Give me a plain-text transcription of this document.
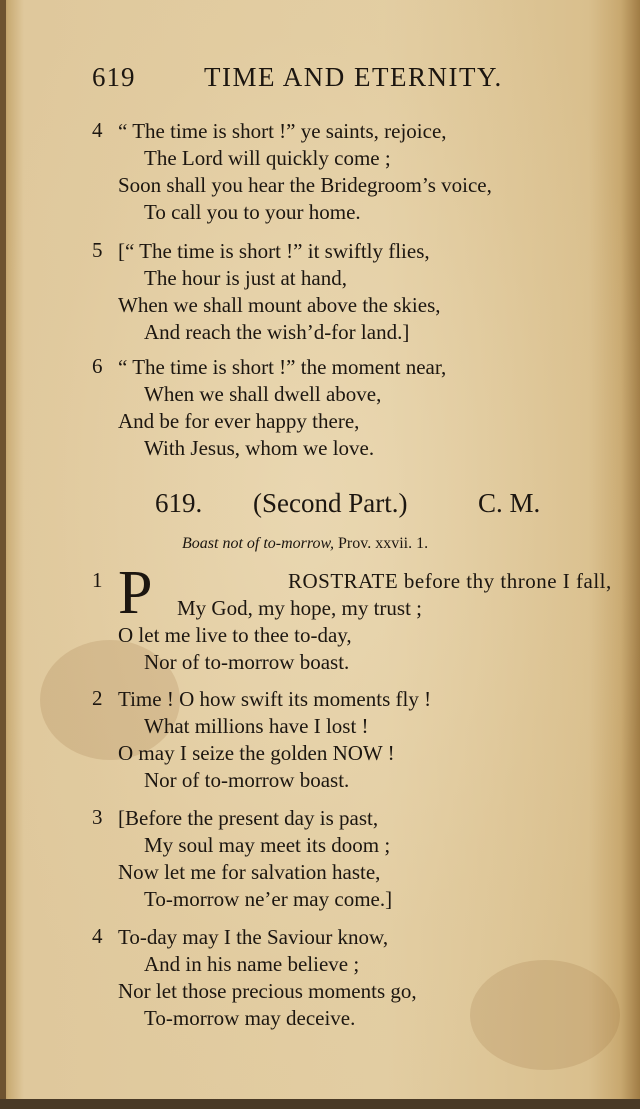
619	TIME AND ETERNITY.
4 “ The time is short !” ye saints, rejoice,
The Lord will quickly come ;
Soon shall you hear the Bridegroom’s voice,
To call you to your home.
5 [“ The time is short !” it swiftly flies,
The hour is just at hand,
When we shall mount above the skies,
And reach the wish’d-for land.]
6 “ The time is short !” the moment near,
When we shall dwell above,
And be for ever happy there,
With Jesus, whom we love.
619. (Second Part.)	C. M.
Boast not of to-morrow, Prov. xxvii. 1.
1	ROSTRATE before thy throne I fall,
My God, my hope, my trust ;
O let me live to thee to-day,
Nor of to-morrow boast.
P
2 Time ! O how swift its moments fly !
What millions have I lost !
O may I seize the golden NOW !
Nor of to-morrow boast.
3 [Before the present day is past,
My soul may meet its doom ;
Now let me for salvation haste,
To-morrow ne’er may come.]
4 To-day may I the Saviour know,
And in his name believe ;
Nor let those precious moments go,
To-morrow may deceive.
